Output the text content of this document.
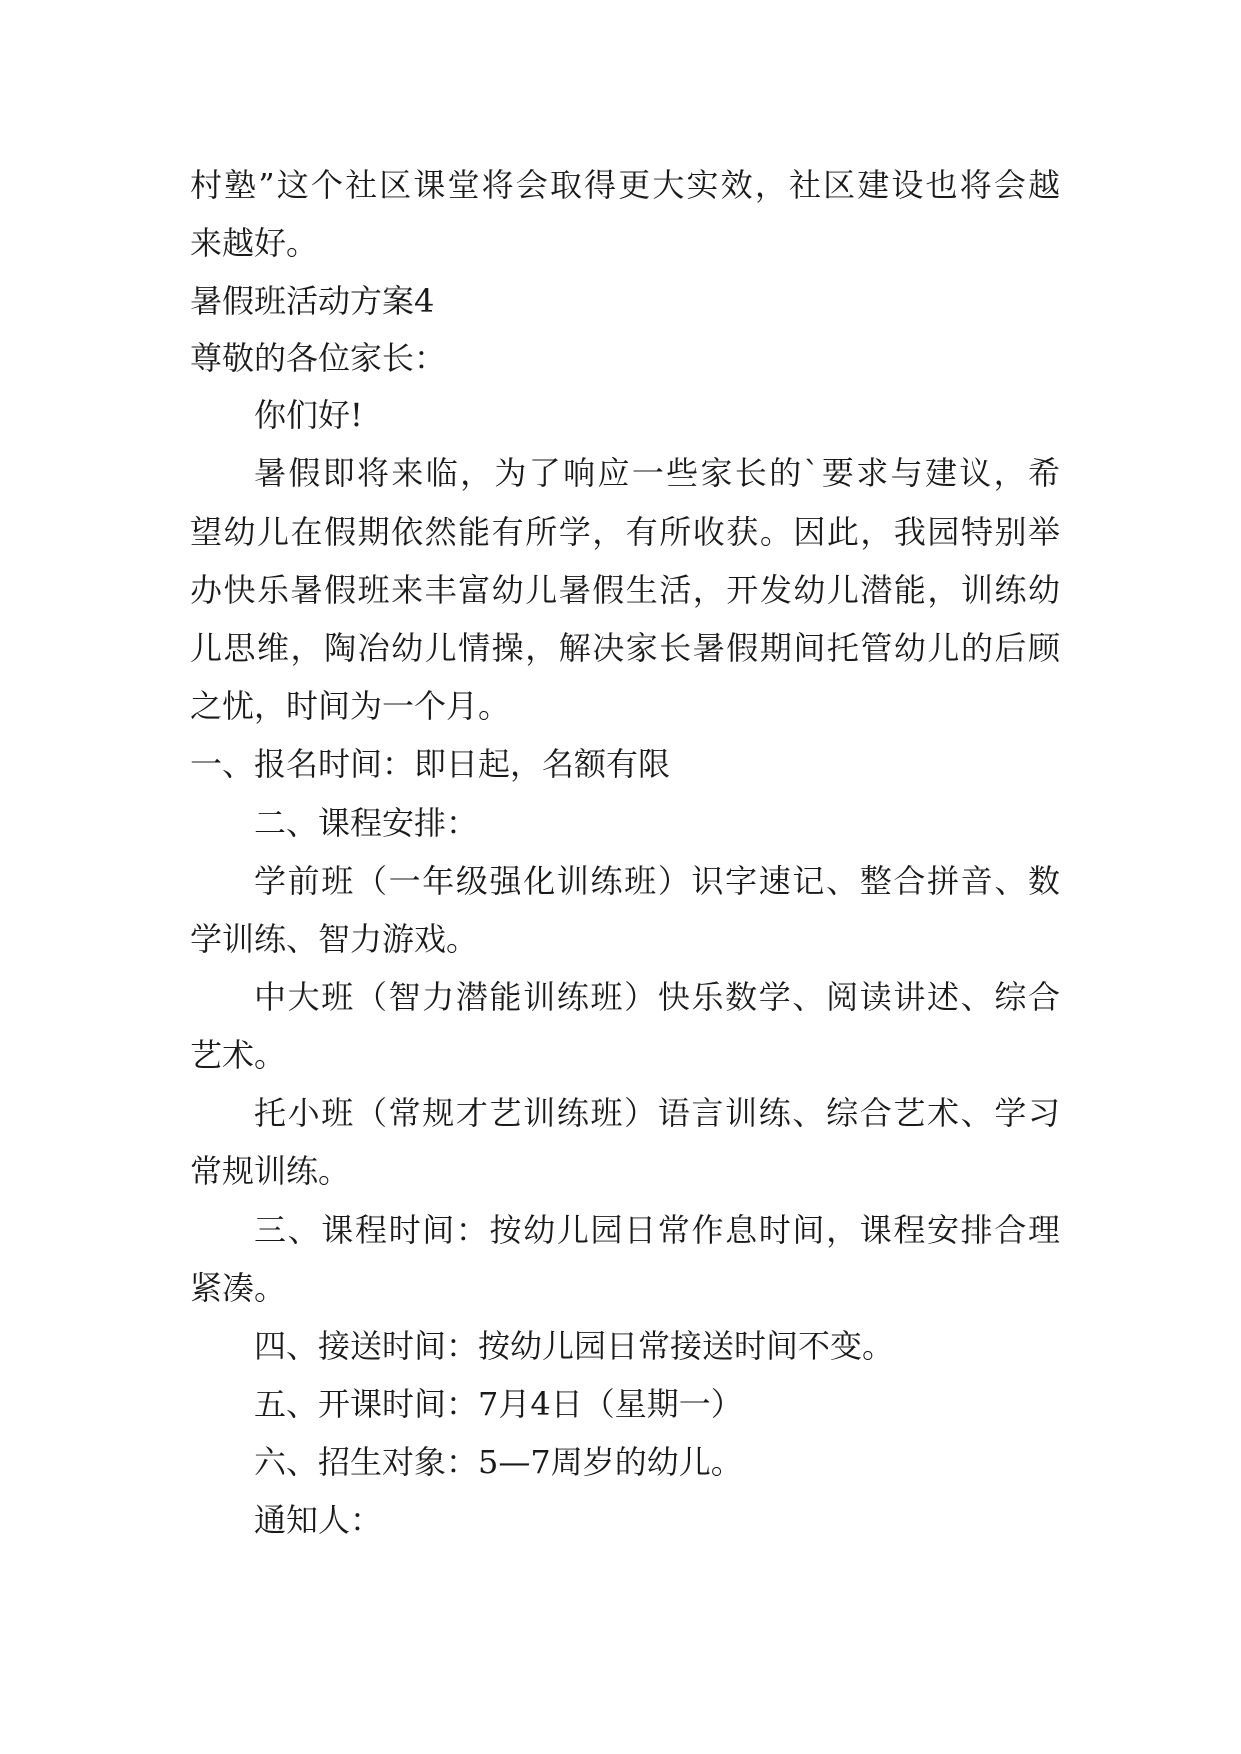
村塾”这个社区课堂将会取得更大实效，社区建设也将会越
来越好。
暑假班活动方案4
尊敬的各位家长：
你们好!
暑假即将来临，为了响应一些家长的`要求与建议，希
望幼儿在假期依然能有所学，有所收获。因此，我园特别举
办快乐暑假班来丰富幼儿暑假生活，开发幼儿潜能，训练幼
儿思维，陶冶幼儿情操，解决家长暑假期间托管幼儿的后顾
之忧，时间为一个月。
一、报名时间：即日起，名额有限
二、课程安排：
学前班（一年级强化训练班）识字速记、整合拼音、数
学训练、智力游戏。
中大班（智力潜能训练班）快乐数学、阅读讲述、综合
艺术。
托小班（常规才艺训练班）语言训练、综合艺术、学习
常规训练。
三、课程时间：按幼儿园日常作息时间，课程安排合理
紧凑。
四、接送时间：按幼儿园日常接送时间不变。
五、开课时间：7月4日（星期一）
六、招生对象：5—7周岁的幼儿。
通知人：
